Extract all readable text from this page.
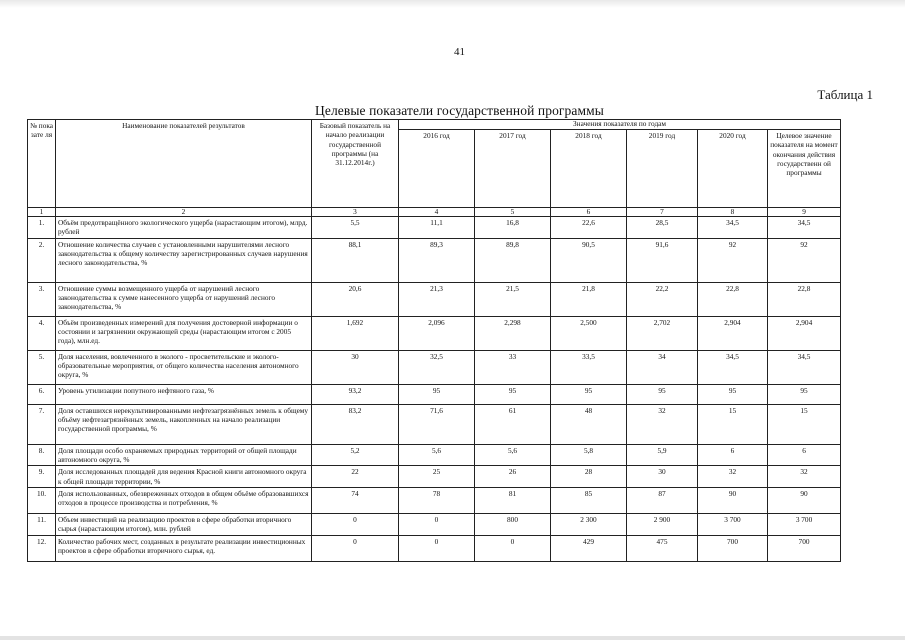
41
Таблица 1
Целевые показатели государственной программы
№ пока зате ля	Наименование показателей результатов	Базовый показатель на начало реализации государственной программы (на 31.12.2014г.)	Значения показателя по годам					
			2016 год	2017 год	2018 год	2019 год	2020 год	Целевое значение показателя на момент окончания действия государственн ой программы
1	2	3	4	5	6	7	8	9
1.	Объём предотвращённого экологического ущерба (нарастающим итогом), млрд. рублей	5,5	11,1	16,8	22,6	28,5	34,5	34,5
2.	Отношение количества случаев с установленными нарушителями лесного законодательства к общему количеству зарегистрированных случаев нарушения лесного законодательства, %	88,1	89,3	89,8	90,5	91,6	92	92
3.	Отношение суммы возмещенного ущерба от нарушений лесного законодательства к сумме нанесенного ущерба от нарушений лесного законодательства, %	20,6	21,3	21,5	21,8	22,2	22,8	22,8
4.	Объём произведенных измерений для получения достоверной информации о состоянии и загрязнении окружающей среды (нарастающим итогом с 2005 года), млн.ед.	1,692	2,096	2,298	2,500	2,702	2,904	2,904
5.	Доля населения, вовлеченного в эколого - просветительские и эколого-образовательные мероприятия, от общего количества населения автономного округа, %	30	32,5	33	33,5	34	34,5	34,5
6.	Уровень утилизации попутного нефтяного газа, %	93,2	95	95	95	95	95	95
7.	Доля оставшихся нерекультивированными нефтезагрязнённых земель к общему объёму нефтезагрязнённых земель, накопленных на начало реализации государственной программы, %	83,2	71,6	61	48	32	15	15
8.	Доля площади особо охраняемых природных территорий от общей площади автономного округа, %	5,2	5,6	5,6	5,8	5,9	6	6
9.	Доля исследованных площадей для ведения Красной книги автономного округа к общей площади территории, %	22	25	26	28	30	32	32
10.	Доля использованных, обезвреженных отходов в общем объёме образовавшихся отходов в процессе производства и потребления, %	74	78	81	85	87	90	90
11.	Объем инвестиций на реализацию проектов в сфере обработки вторичного сырья (нарастающим итогом), млн. рублей	0	0	800	2 300	2 900	3 700	3 700
12.	Количество рабочих мест, созданных в результате реализации инвестиционных проектов в сфере обработки вторичного сырья, ед.	0	0	0	429	475	700	700
